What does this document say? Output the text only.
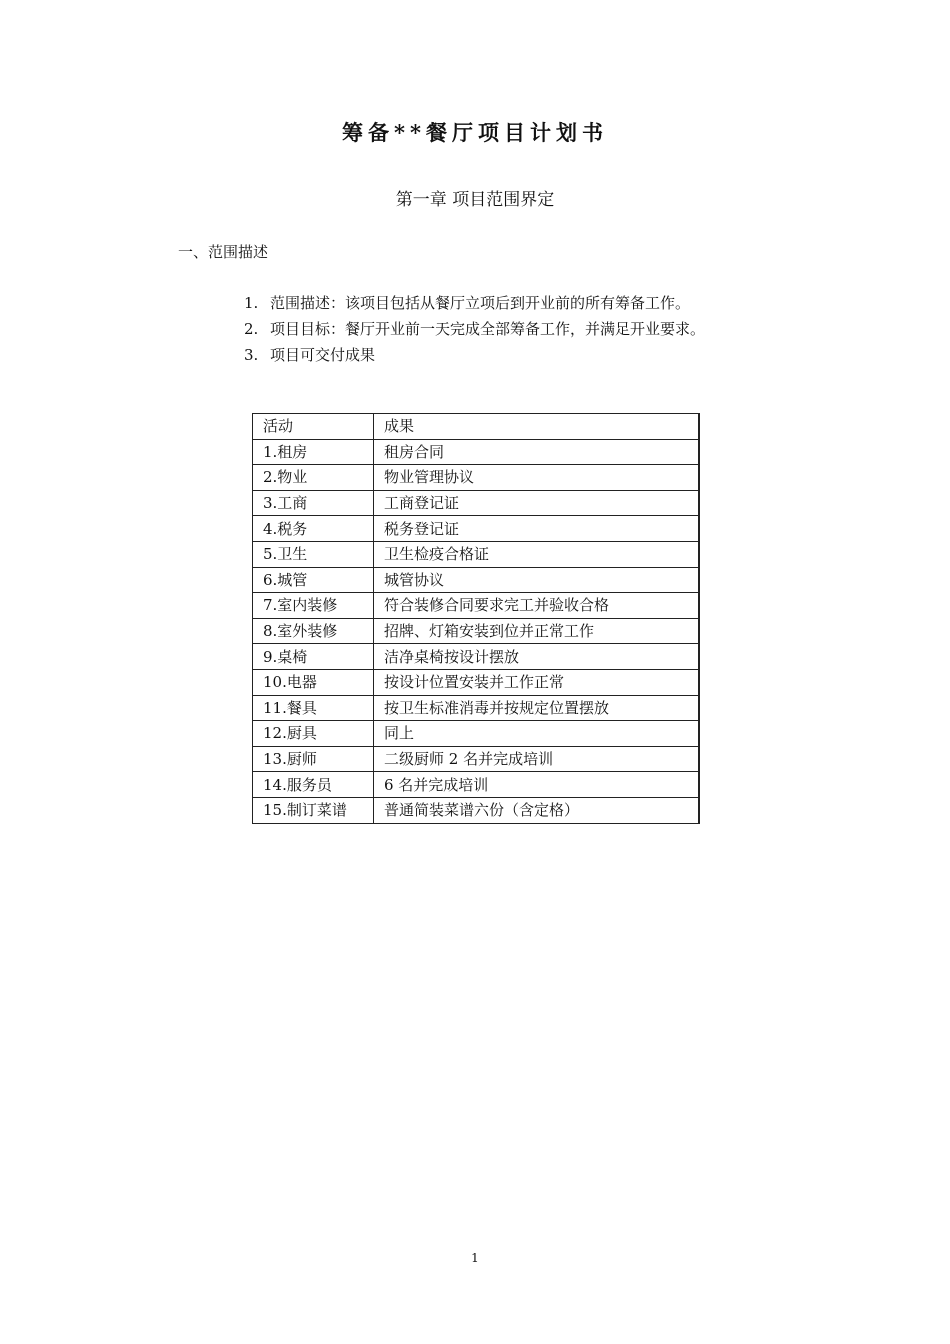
筹备**餐厅项目计划书
第一章 项目范围界定
一、范围描述
1. 范围描述：该项目包括从餐厅立项后到开业前的所有筹备工作。
2. 项目目标：餐厅开业前一天完成全部筹备工作，并满足开业要求。
3. 项目可交付成果
活动	成果
1.租房	租房合同
2.物业	物业管理协议
3.工商	工商登记证
4.税务	税务登记证
5.卫生	卫生检疫合格证
6.城管	城管协议
7.室内装修	符合装修合同要求完工并验收合格
8.室外装修	招牌、灯箱安装到位并正常工作
9.桌椅	洁净桌椅按设计摆放
10.电器	按设计位置安装并工作正常
11.餐具	按卫生标准消毒并按规定位置摆放
12.厨具	同上
13.厨师	二级厨师 2 名并完成培训
14.服务员	6 名并完成培训
15.制订菜谱	普通简装菜谱六份（含定格）
1
